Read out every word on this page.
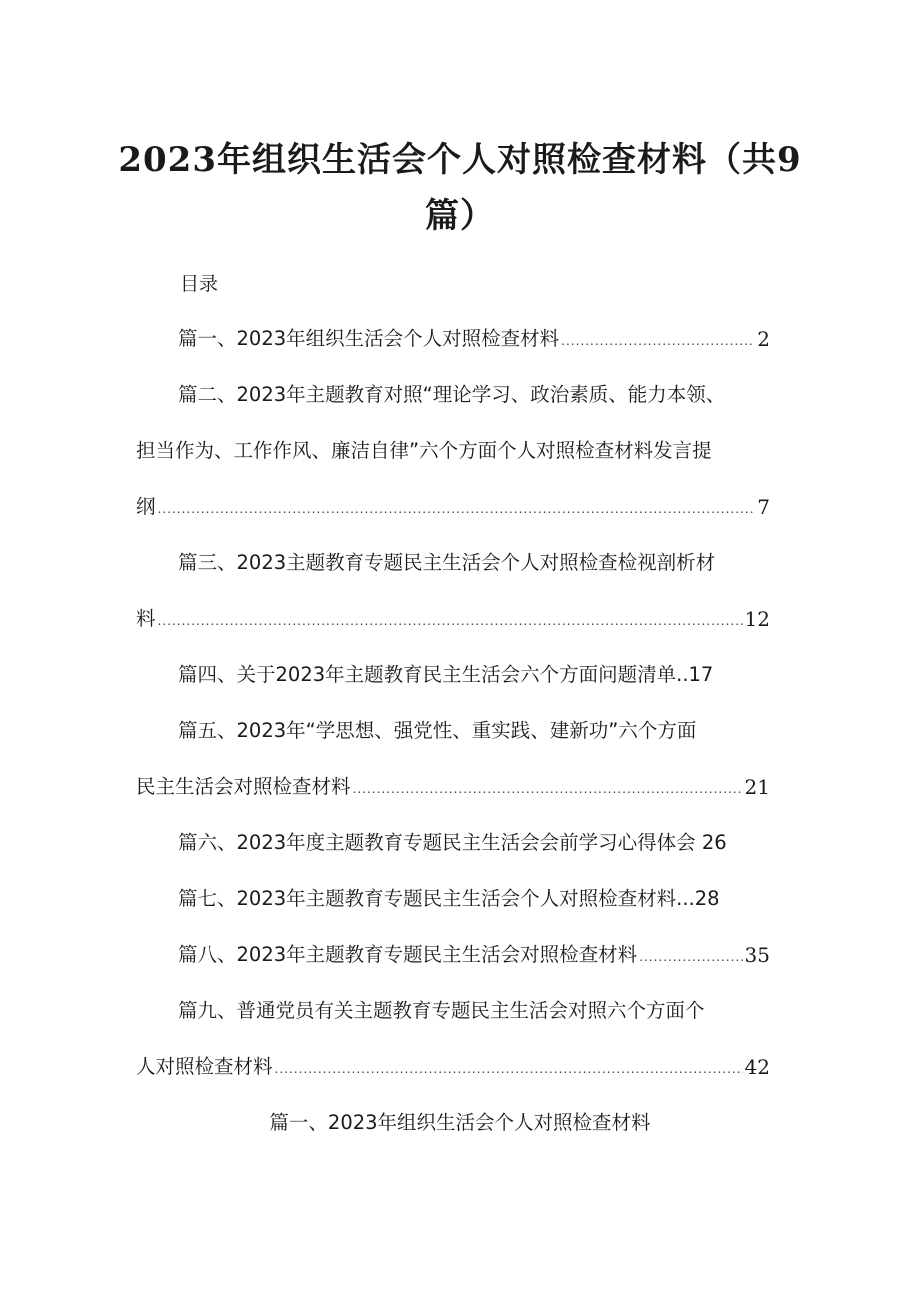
2023年组织生活会个人对照检查材料（共9
篇）
目录
篇一、2023年组织生活会个人对照检查材料 .....	2
篇二、2023年主题教育对照“理论学习、政治素质、能力本领、
担当作为、工作作风、廉洁自律”六个方面个人对照检查材料发言提
纲 .....	7
篇三、2023主题教育专题民主生活会个人对照检查检视剖析材
料 .....	12
篇四、关于2023年主题教育民主生活会六个方面问题清单..17
篇五、2023年“学思想、强党性、重实践、建新功”六个方面
民主生活会对照检查材料 .....	21
篇六、2023年度主题教育专题民主生活会会前学习心得体会 26
篇七、2023年主题教育专题民主生活会个人对照检查材料...28
篇八、2023年主题教育专题民主生活会对照检查材料 .....	35
篇九、普通党员有关主题教育专题民主生活会对照六个方面个
人对照检查材料 .....	42
篇一、2023年组织生活会个人对照检查材料
